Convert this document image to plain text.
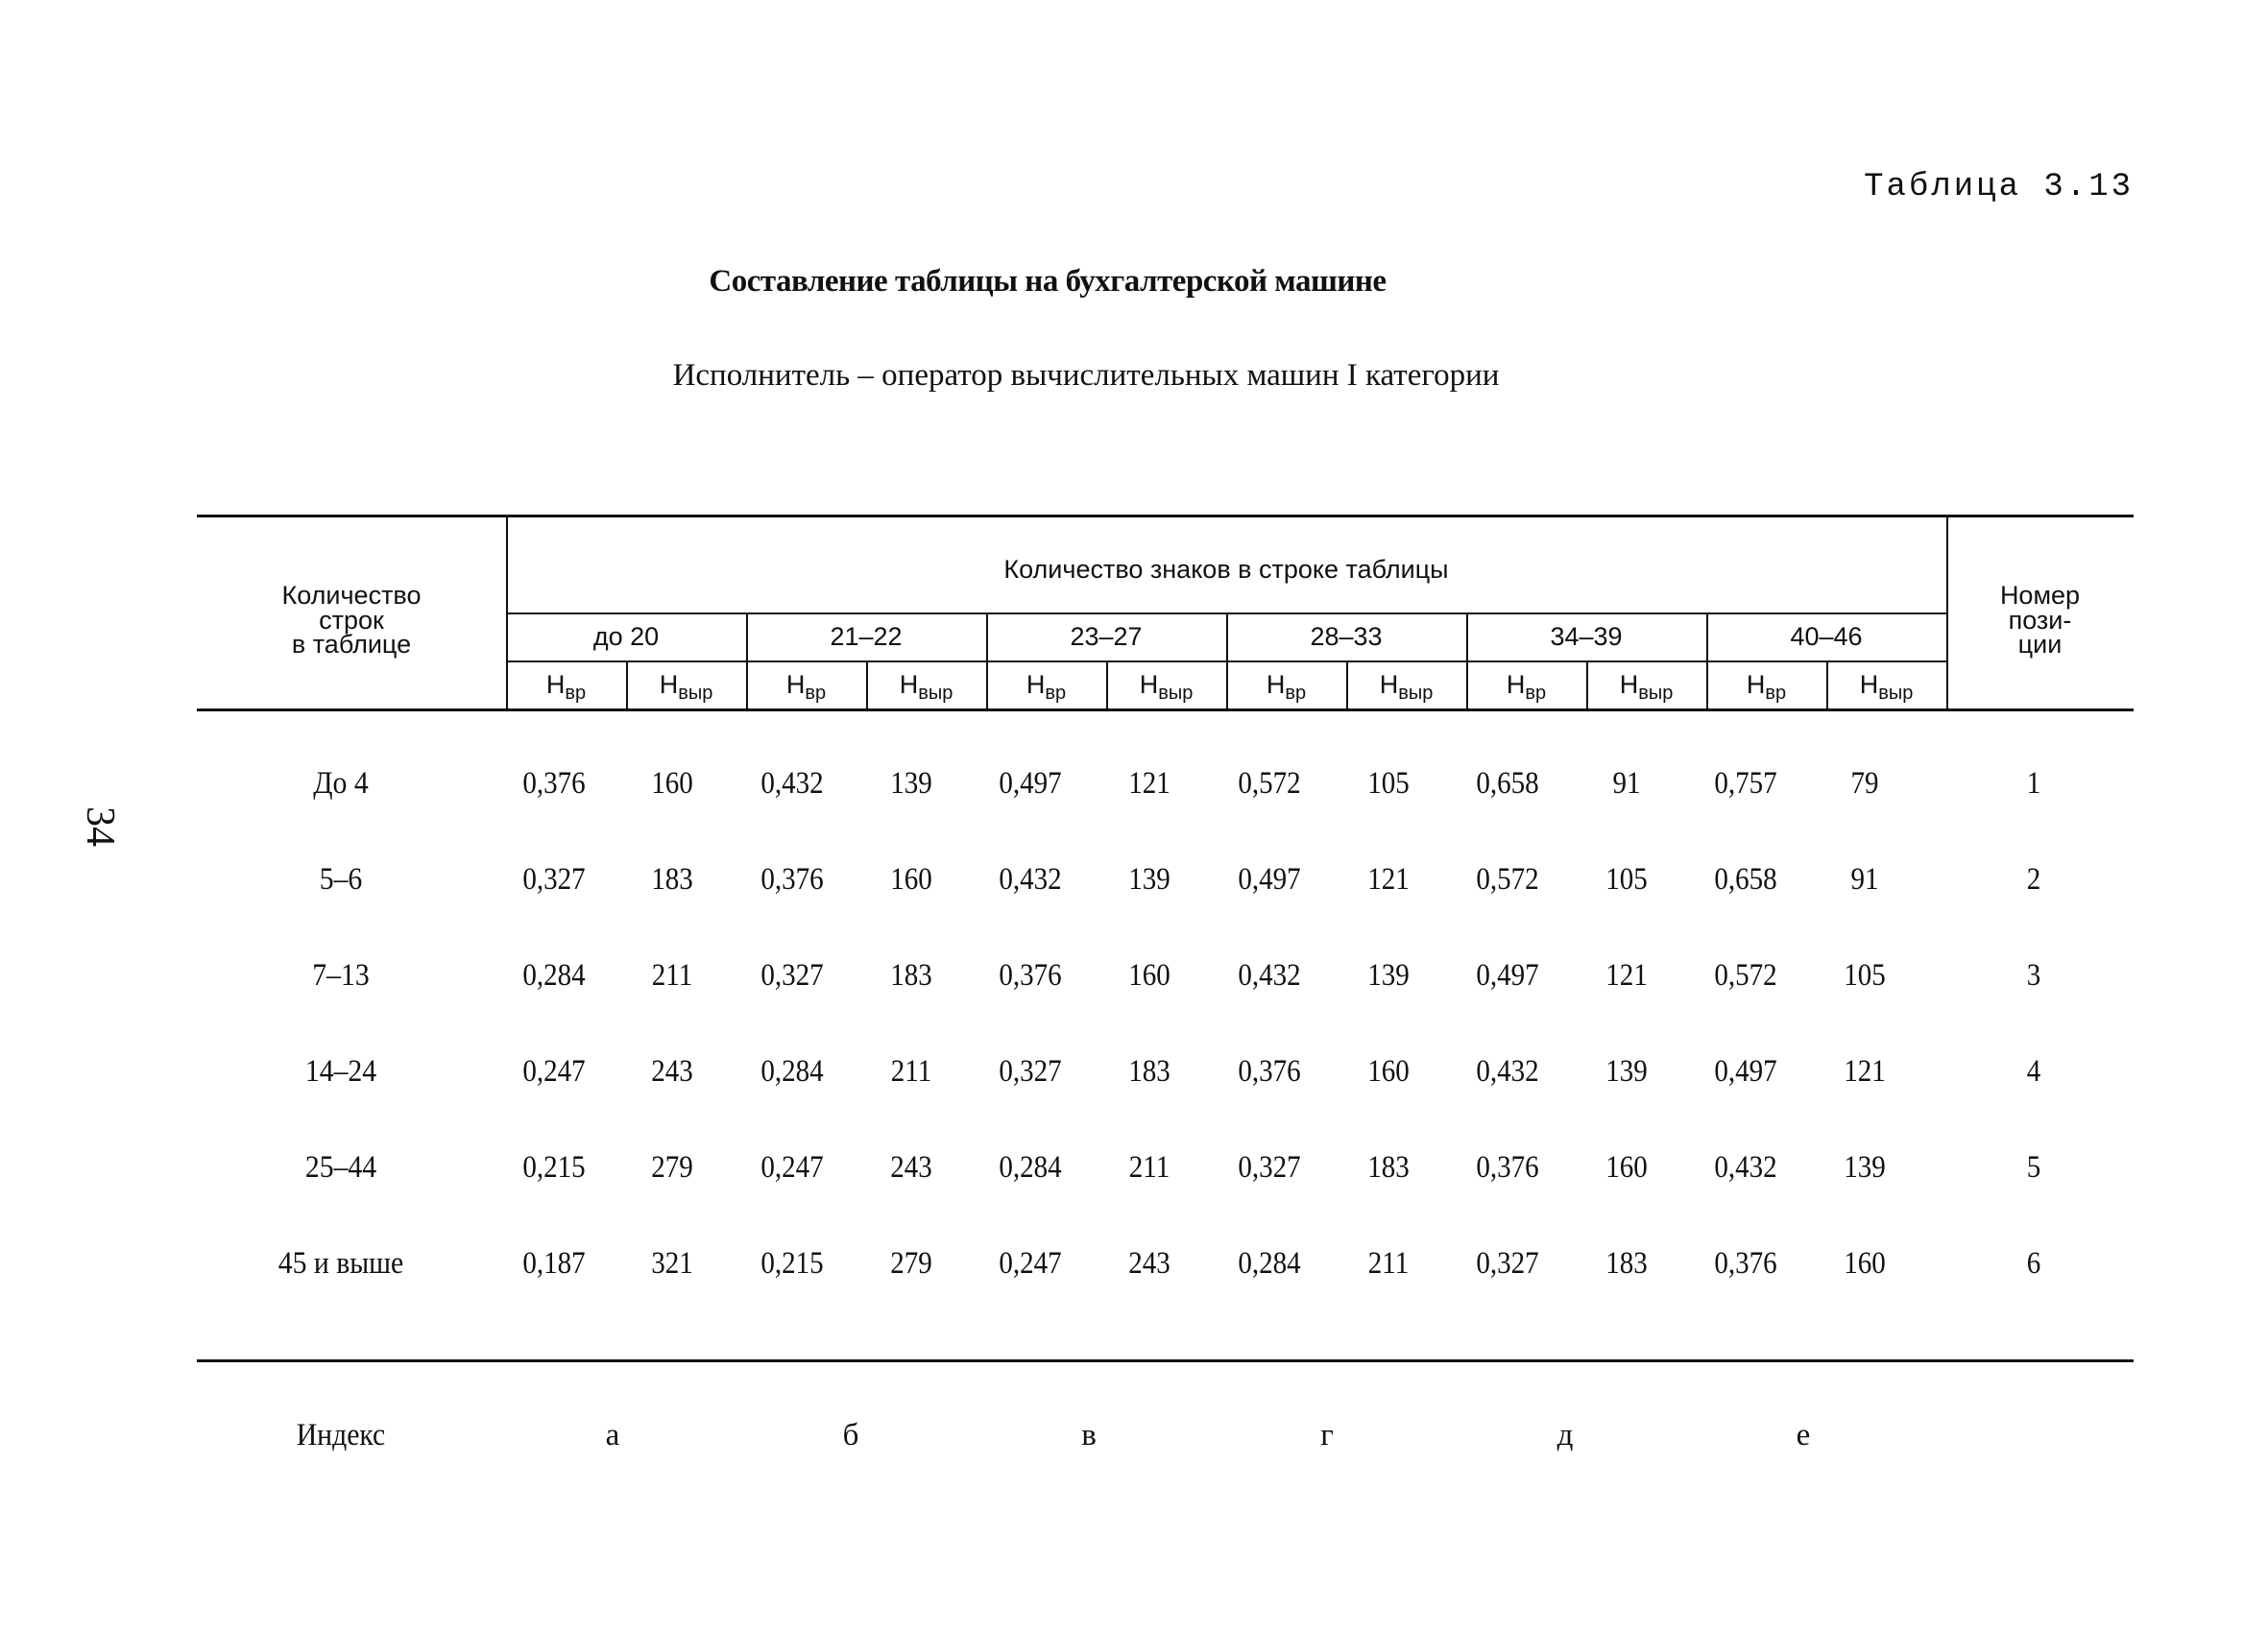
34
Таблица 3.13
Составление таблицы на бухгалтерской машине
Исполнитель – оператор вычислительных машин I категории
Количество
строк
в таблице
Количество знаков в строке таблицы
Номер
пози-
ции
до 20
$Н_{вр}$	$Н_{выр}$
21–22
$Н_{вр}$	$Н_{выр}$
23–27
$Н_{вр}$	$Н_{выр}$
28–33
$Н_{вр}$	$Н_{выр}$
34–39
$Н_{вр}$	$Н_{выр}$
40–46
$Н_{вр}$	$Н_{выр}$
До 4	0,376	160	0,432	139	0,497	121	0,572	105	0,658	91	0,757	79	1
5–6	0,327	183	0,376	160	0,432	139	0,497	121	0,572	105	0,658	91	2
7–13	0,284	211	0,327	183	0,376	160	0,432	139	0,497	121	0,572	105	3
14–24	0,247	243	0,284	211	0,327	183	0,376	160	0,432	139	0,497	121	4
25–44	0,215	279	0,247	243	0,284	211	0,327	183	0,376	160	0,432	139	5
45 и выше	0,187	321	0,215	279	0,247	243	0,284	211	0,327	183	0,376	160	6
Индекс	а	б	в	г	д	е
